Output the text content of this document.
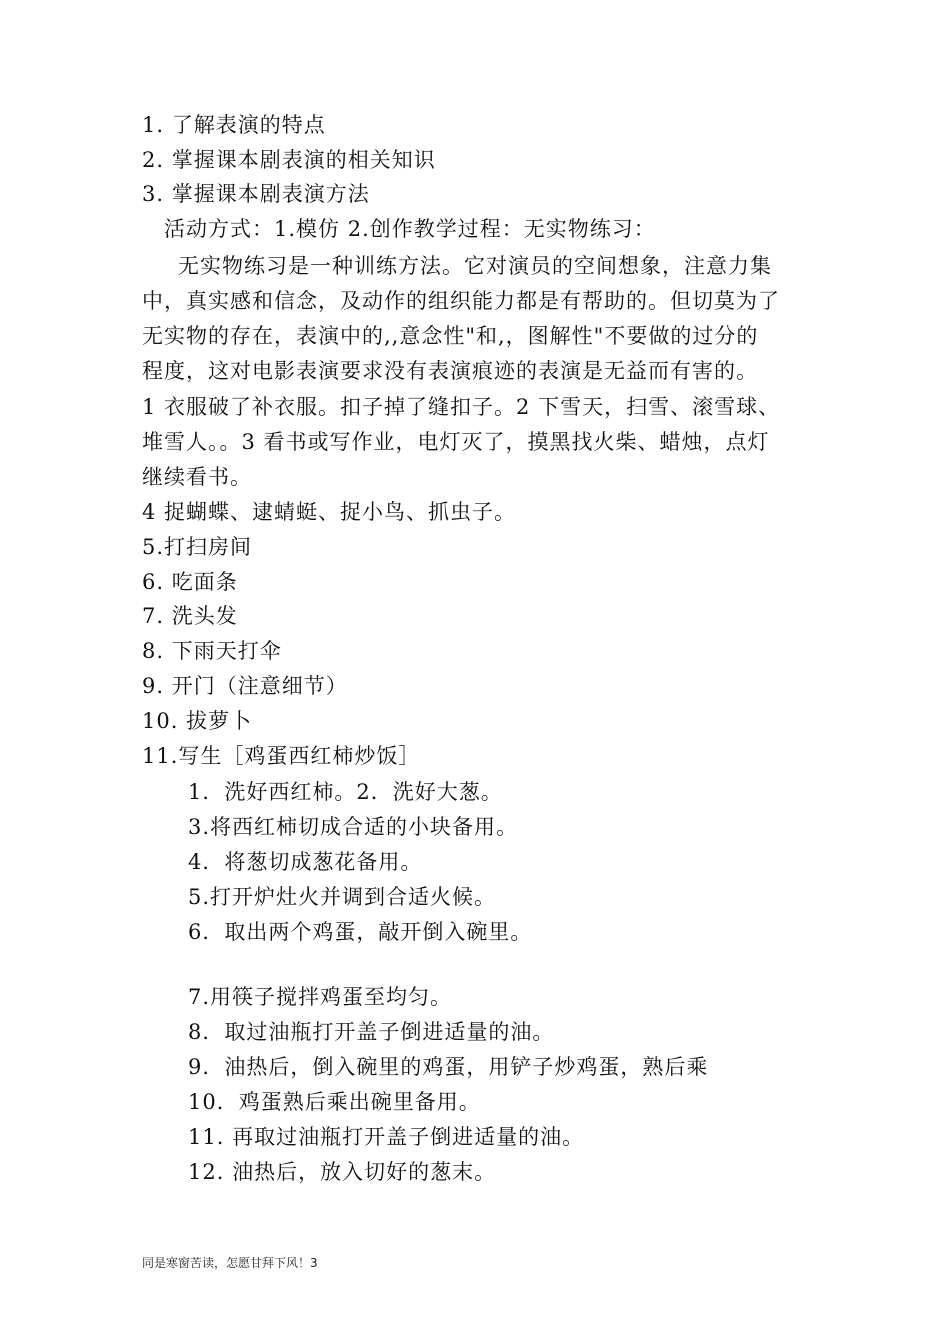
1. 了解表演的特点
2. 掌握课本剧表演的相关知识
3. 掌握课本剧表演方法
活动方式：1.模仿 2.创作教学过程：无实物练习：
无实物练习是一种训练方法。它对演员的空间想象，注意力集
中，真实感和信念，及动作的组织能力都是有帮助的。但切莫为了
无实物的存在，表演中的,,意念性"和,，图解性"不要做的过分的
程度，这对电影表演要求没有表演痕迹的表演是无益而有害的。
1 衣服破了补衣服。扣子掉了缝扣子。2 下雪天，扫雪、滚雪球、
堆雪人。。3 看书或写作业，电灯灭了，摸黑找火柴、蜡烛，点灯
继续看书。
4 捉蝴蝶、逮蜻蜓、捉小鸟、抓虫子。
5.打扫房间
6. 吃面条
7. 洗头发
8. 下雨天打伞
9. 开门（注意细节）
10. 拔萝卜
11.写生［鸡蛋西红柿炒饭］
1．洗好西红柿。2．洗好大葱。
3.将西红柿切成合适的小块备用。
4．将葱切成葱花备用。
5.打开炉灶火并调到合适火候。
6．取出两个鸡蛋，敲开倒入碗里。
7.用筷子搅拌鸡蛋至均匀。
8．取过油瓶打开盖子倒进适量的油。
9．油热后，倒入碗里的鸡蛋，用铲子炒鸡蛋，熟后乘
10．鸡蛋熟后乘出碗里备用。
11. 再取过油瓶打开盖子倒进适量的油。
12. 油热后，放入切好的葱末。
同是寒窗苦读，怎愿甘拜下风！3
